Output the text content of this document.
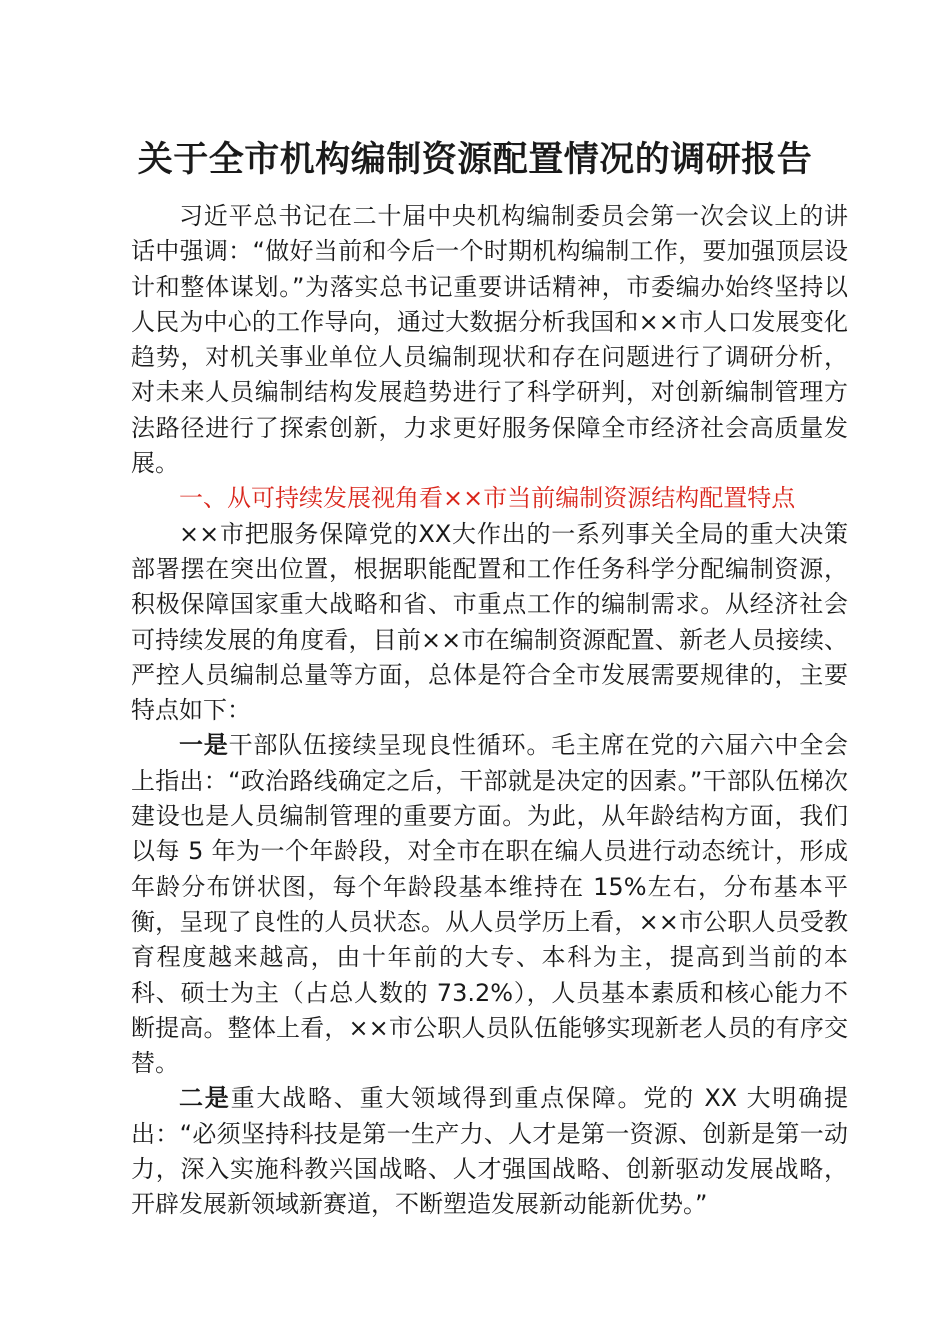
关于全市机构编制资源配置情况的调研报告

习近平总书记在二十届中央机构编制委员会第一次会议上的讲话中强调：“做好当前和今后一个时期机构编制工作，要加强顶层设计和整体谋划。”为落实总书记重要讲话精神，市委编办始终坚持以人民为中心的工作导向，通过大数据分析我国和××市人口发展变化趋势，对机关事业单位人员编制现状和存在问题进行了调研分析，对未来人员编制结构发展趋势进行了科学研判，对创新编制管理方法路径进行了探索创新，力求更好服务保障全市经济社会高质量发展。

一、从可持续发展视角看××市当前编制资源结构配置特点

××市把服务保障党的XX大作出的一系列事关全局的重大决策部署摆在突出位置，根据职能配置和工作任务科学分配编制资源，积极保障国家重大战略和省、市重点工作的编制需求。从经济社会可持续发展的角度看，目前××市在编制资源配置、新老人员接续、严控人员编制总量等方面，总体是符合全市发展需要规律的，主要特点如下：

一是干部队伍接续呈现良性循环。毛主席在党的六届六中全会上指出：“政治路线确定之后，干部就是决定的因素。”干部队伍梯次建设也是人员编制管理的重要方面。为此，从年龄结构方面，我们以每 5 年为一个年龄段，对全市在职在编人员进行动态统计，形成年龄分布饼状图，每个年龄段基本维持在 15%左右，分布基本平衡，呈现了良性的人员状态。从人员学历上看，××市公职人员受教育程度越来越高，由十年前的大专、本科为主，提高到当前的本科、硕士为主（占总人数的 73.2%），人员基本素质和核心能力不断提高。整体上看，××市公职人员队伍能够实现新老人员的有序交替。

二是重大战略、重大领域得到重点保障。党的 XX 大明确提出：“必须坚持科技是第一生产力、人才是第一资源、创新是第一动力，深入实施科教兴国战略、人才强国战略、创新驱动发展战略，开辟发展新领域新赛道，不断塑造发展新动能新优势。”
